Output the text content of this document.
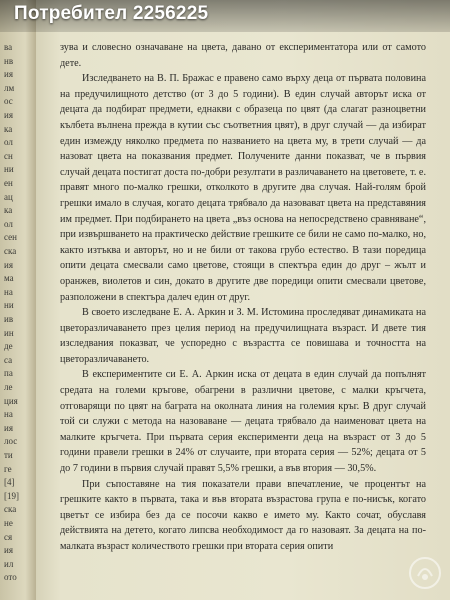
ва
нв
ия
лм
ос
ия
ка
ол
сн
ни
ен
ац
ка
ол
сен
ска
ия
ма
на
ни
ив
ин
де
са
па
ле
ция
на
ия
лос
ти
ге
[4]
[19]
ска
не
ся
ия
ил
ото

зува и словесно означаване на цвета, давано от експериментатора или от самото дете.

Изследването на В. П. Бражас е правено само върху деца от първата половина на предучилищното детство (от 3 до 5 години). В един случай авторът иска от децата да подбират предмети, еднакви с образеца по цвят (да слагат разноцветни кълбета вълнена прежда в кутии със съответния цвят), в друг случай — да избират един измежду няколко предмета по названието на цвета му, в трети случай — да назоват цвета на показвания предмет. Получените данни показват, че в първия случай децата постигат доста по-добри резултати в различаването на цветовете, т. е. правят много по-малко грешки, отколкото в другите два случая. Най-голям брой грешки имало в случая, когато децата трябвало да назовават цвета на представяния им предмет. При подбирането на цвета „въз основа на непосредствено сравняване“, при извършването на практическо действие грешките се били не само по-малко, но, както изтъква и авторът, но и не били от такова грубо естество. В тази поредица опити децата смесвали само цветове, стоящи в спектъра един до друг – жълт и оранжев, виолетов и син, докато в другите две поредици опити смесвали цветове, разположени в спектъра далеч един от друг.

В своето изследване Е. А. Аркин и З. М. Истомина проследяват динамиката на цветоразличаването през целия период на предучилищната възраст. И двете тия изследвания показват, че успоредно с възрастта се повишава и точността на цветоразличаването.

В експериментите си Е. А. Аркин иска от децата в един случай да попълнят средата на големи кръгове, обагрени в различни цветове, с малки кръгчета, отговарящи по цвят на баграта на околната линия на големия кръг. В друг случай той си служи с метода на назоваване — децата трябвало да наименоват цвета на малките кръгчета. При първата серия експерименти деца на възраст от 3 до 5 години правели грешки в 24% от случаите, при втората серия — 52%; децата от 5 до 7 години в първия случай правят 5,5% грешки, а във втория — 30,5%.

При съпоставяне на тия показатели прави впечатление, че процентът на грешките както в първата, така и във втората възрастова група е по-нисък, когато цветът се избира без да се посочи какво е името му. Както сочат, обуславя действията на детето, когато липсва необходимост да го назоваят. За децата на по-малката възраст количеството грешки при втората серия опити

Потребител 2256225
